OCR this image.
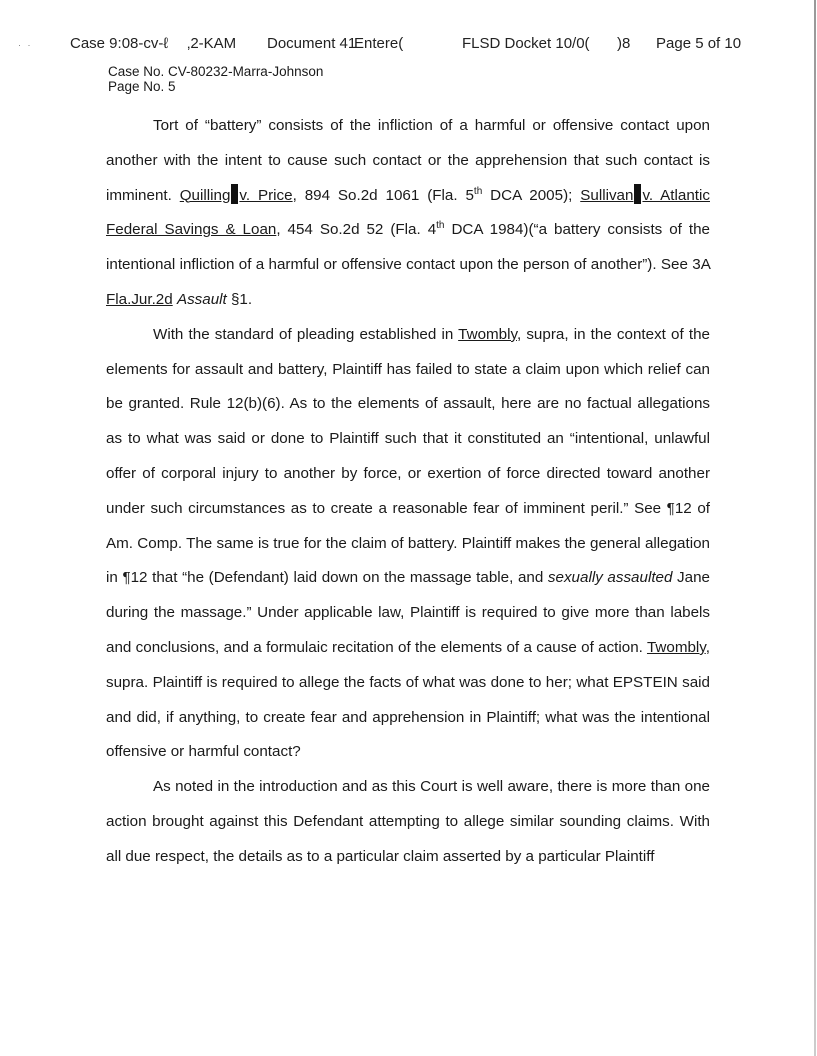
· ·	Case 9:08-cv-ℓ ‚2-KAM Document 41
Entere(	FLSD Docket 10/0( )8 Page 5 of 10
Case No. CV-80232-Marra-Johnson
Page No. 5

Tort of “battery” consists of the infliction of a harmful or offensive contact upon another with the intent to cause such contact or the apprehension that such contact is imminent. Quilling v. Price, 894 So.2d 1061 (Fla. 5th DCA 2005); Sullivan v. Atlantic Federal Savings & Loan, 454 So.2d 52 (Fla. 4th DCA 1984)(“a battery consists of the intentional infliction of a harmful or offensive contact upon the person of another”). See 3A Fla.Jur.2d Assault §1.

With the standard of pleading established in Twombly, supra, in the context of the elements for assault and battery, Plaintiff has failed to state a claim upon which relief can be granted. Rule 12(b)(6). As to the elements of assault, here are no factual allegations as to what was said or done to Plaintiff such that it constituted an “intentional, unlawful offer of corporal injury to another by force, or exertion of force directed toward another under such circumstances as to create a reasonable fear of imminent peril.” See ¶12 of Am. Comp. The same is true for the claim of battery. Plaintiff makes the general allegation in ¶12 that “he (Defendant) laid down on the massage table, and sexually assaulted Jane during the massage.” Under applicable law, Plaintiff is required to give more than labels and conclusions, and a formulaic recitation of the elements of a cause of action. Twombly, supra. Plaintiff is required to allege the facts of what was done to her; what EPSTEIN said and did, if anything, to create fear and apprehension in Plaintiff; what was the intentional offensive or harmful contact?

As noted in the introduction and as this Court is well aware, there is more than one action brought against this Defendant attempting to allege similar sounding claims. With all due respect, the details as to a particular claim asserted by a particular Plaintiff
